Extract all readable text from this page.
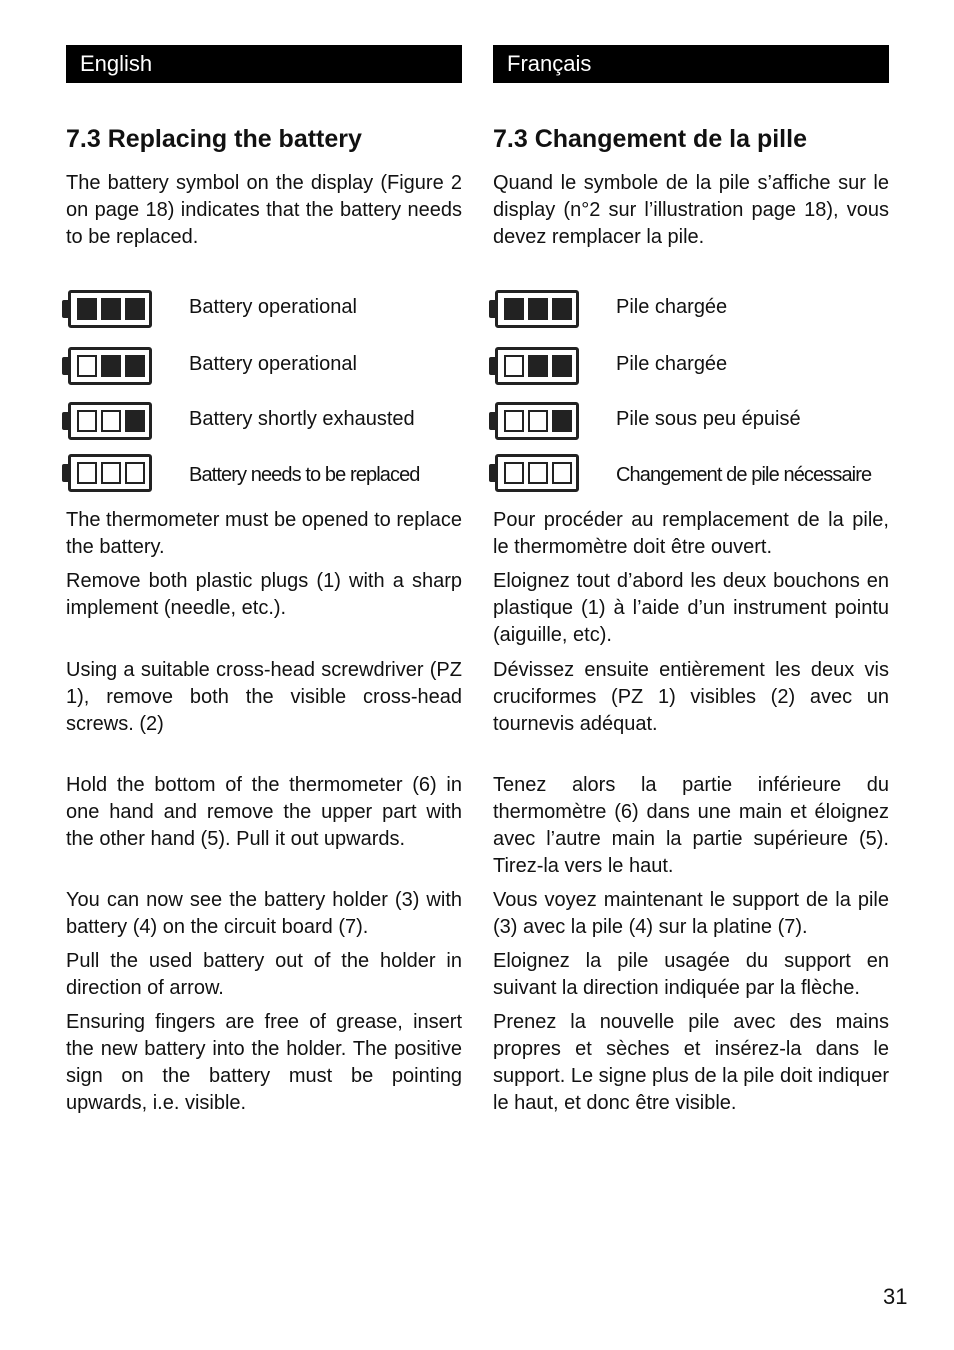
English
7.3 Replacing the battery

The battery symbol on the display (Figure 2 on page 18) indicates that the battery needs to be replaced.

Battery operational
Battery operational
Battery shortly exhausted
Battery needs to be replaced

The thermometer must be opened to replace the battery.

Remove both plastic plugs (1) with a sharp implement (needle, etc.).

Using a suitable cross-head screwdriver (PZ 1), remove both the visible cross-head screws. (2)

Hold the bottom of the thermometer (6) in one hand and remove the upper part with the other hand (5). Pull it out upwards.

You can now see the battery holder (3) with battery (4) on the circuit board (7).

Pull the used battery out of the holder in direction of arrow.

Ensuring fingers are free of grease, insert the new battery into the holder. The positive sign on the battery must be pointing upwards, i.e. visible.

Français
7.3 Changement de la pille

Quand le symbole de la pile s’affiche sur le display (n°2 sur l’illustration page 18), vous devez remplacer la pile.

Pile chargée
Pile chargée
Pile sous peu épuisé
Changement de pile nécessaire

Pour procéder au remplacement de la pile, le thermomètre doit être ouvert.

Eloignez tout d’abord les deux bouchons en plastique (1) à l’aide d’un instrument pointu (aiguille, etc).

Dévissez ensuite entièrement les deux vis cruciformes (PZ 1) visibles (2) avec un tournevis adéquat.

Tenez alors la partie inférieure du thermomètre (6) dans une main et éloignez avec l’autre main la partie supérieure (5). Tirez-la vers le haut.

Vous voyez maintenant le support de la pile (3) avec la pile (4) sur la platine (7).

Eloignez la pile usagée du support en suivant la direction indiquée par la flèche.

Prenez la nouvelle pile avec des mains propres et sèches et insérez-la dans le support. Le signe plus de la pile doit indiquer le haut, et donc être visible.

31
